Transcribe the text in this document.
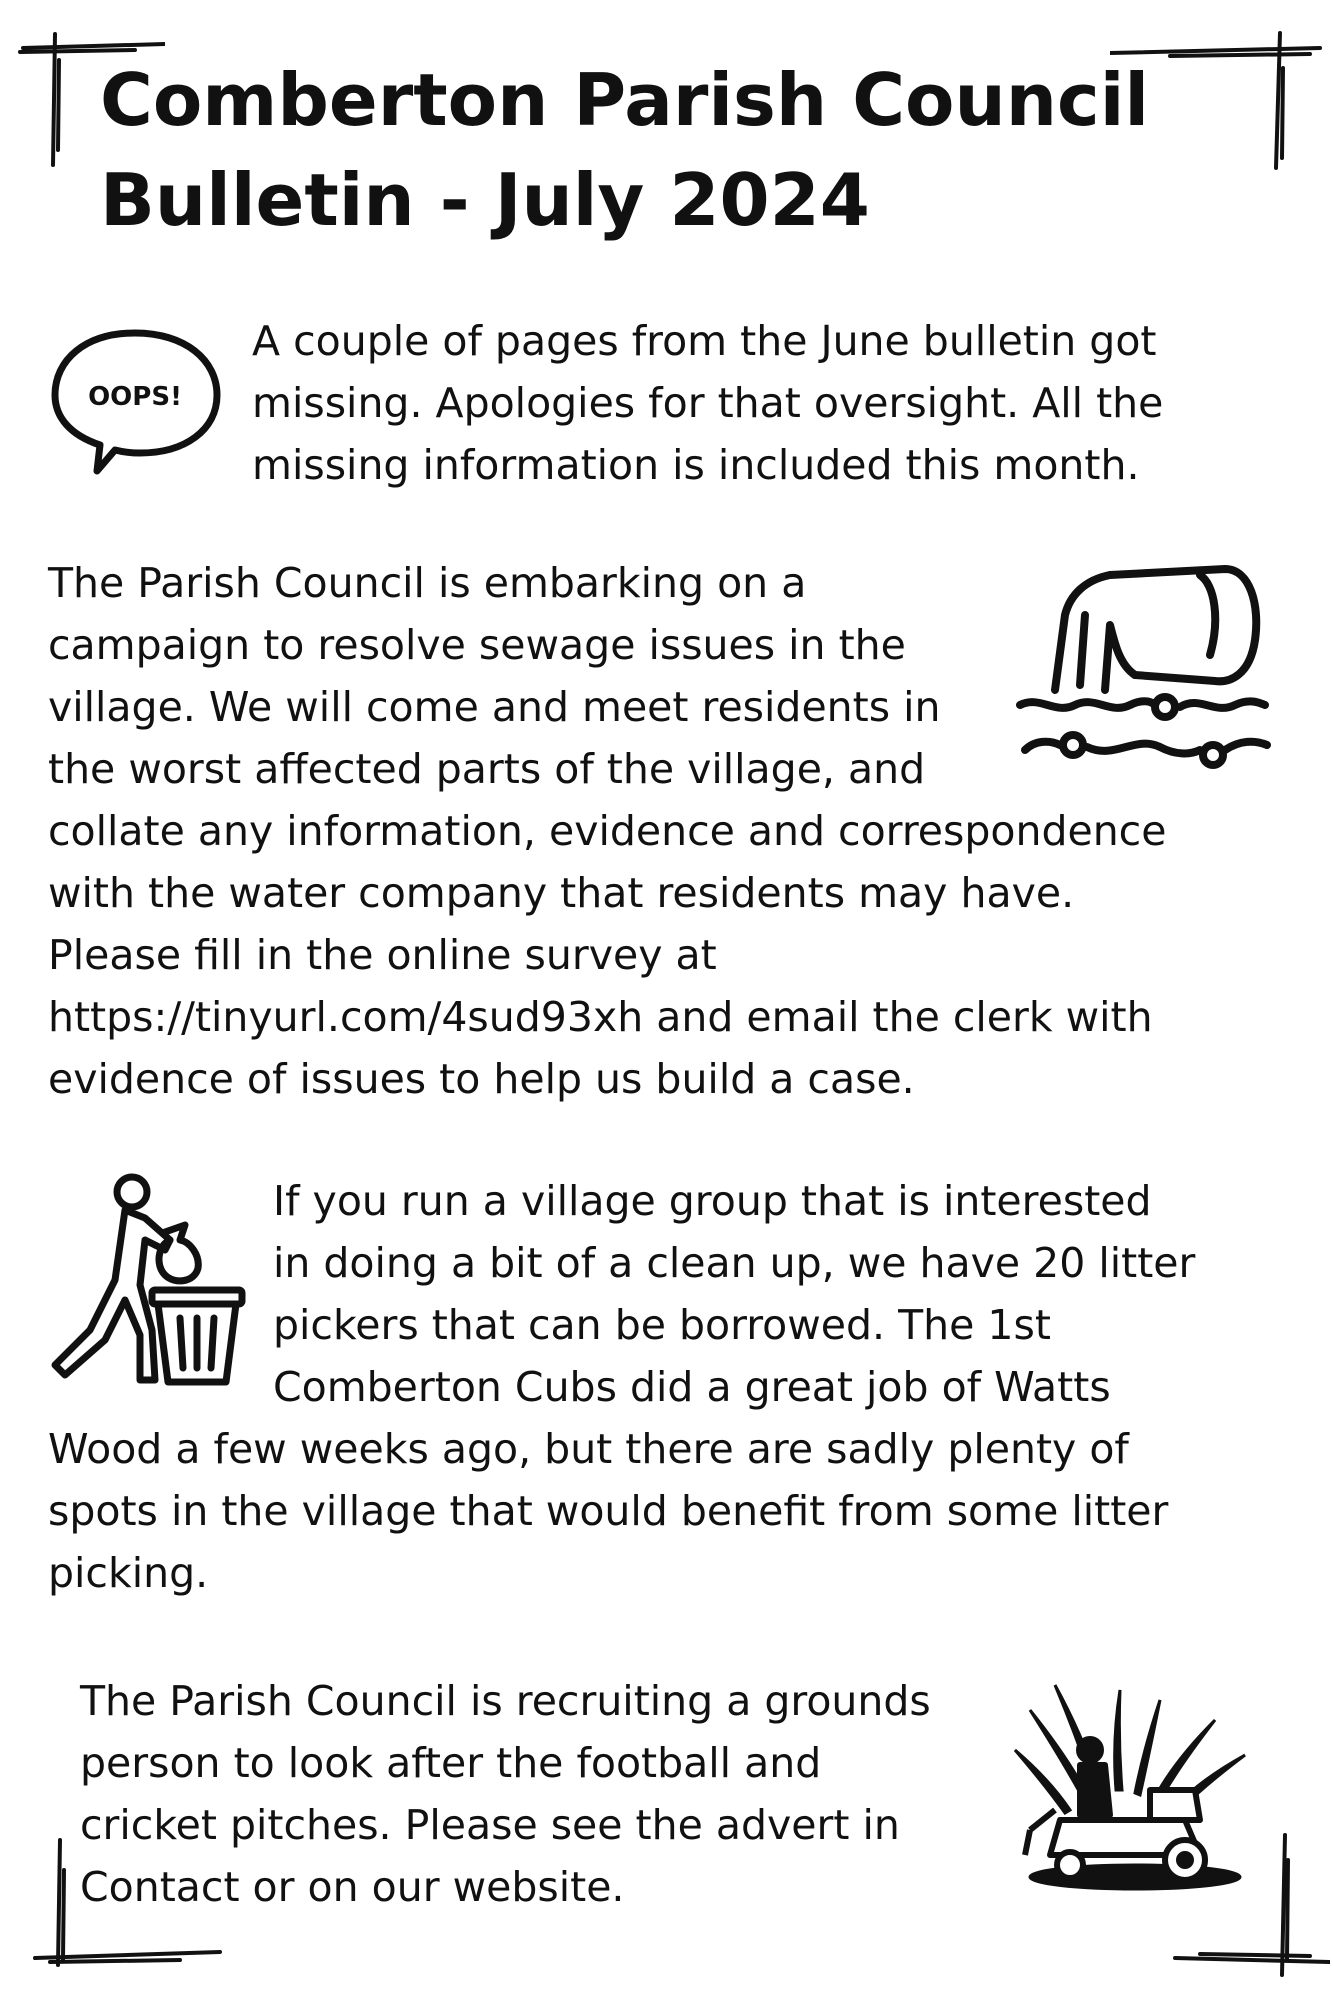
Comberton Parish Council
Bulletin - July 2024
OOPS!

A couple of pages from the June bulletin got
missing. Apologies for that oversight. All the
missing information is included this month.

The Parish Council is embarking on a
campaign to resolve sewage issues in the
village. We will come and meet residents in
the worst affected parts of the village, and
collate any information, evidence and correspondence
with the water company that residents may have.
Please fill in the online survey at
https://tinyurl.com/4sud93xh and email the clerk with
evidence of issues to help us build a case.

If you run a village group that is interested
in doing a bit of a clean up, we have 20 litter
pickers that can be borrowed. The 1st
Comberton Cubs did a great job of Watts
Wood a few weeks ago, but there are sadly plenty of
spots in the village that would benefit from some litter
picking.

The Parish Council is recruiting a grounds
person to look after the football and
cricket pitches. Please see the advert in
Contact or on our website.
